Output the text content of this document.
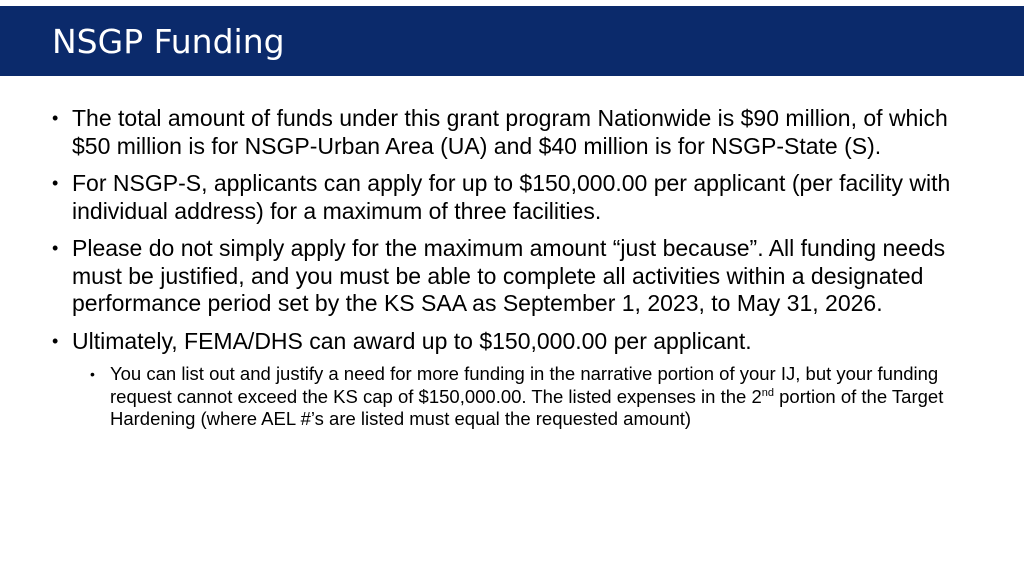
NSGP Funding
• The total amount of funds under this grant program Nationwide is $90 million, of which $50 million is for NSGP-Urban Area (UA) and $40 million is for NSGP-State (S).
• For NSGP-S, applicants can apply for up to $150,000.00 per applicant (per facility with individual address) for a maximum of three facilities.
• Please do not simply apply for the maximum amount “just because”. All funding needs must be justified, and you must be able to complete all activities within a designated performance period set by the KS SAA as September 1, 2023, to May 31, 2026.
• Ultimately, FEMA/DHS can award up to $150,000.00 per applicant.
• You can list out and justify a need for more funding in the narrative portion of your IJ, but your funding request cannot exceed the KS cap of $150,000.00. The listed expenses in the 2nd portion of the Target Hardening (where AEL #’s are listed must equal the requested amount)
